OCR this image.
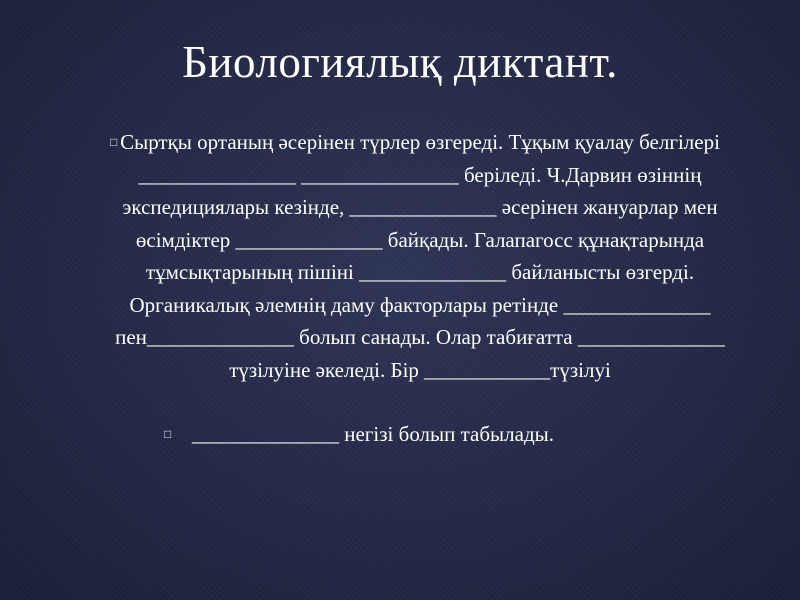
Биологиялық диктант.
□ Сыртқы ортаның әсерінен түрлер өзгереді. Тұқым қуалау белгілері _______________ _______________ беріледі. Ч.Дарвин өзіннің экспедициялары кезінде, ______________ әсерінен жануарлар мен өсімдіктер ______________ байқады. Галапагосс құнақтарында тұмсықтарының пішіні ______________ байланысты өзгерді. Органикалық әлемнің даму факторлары ретінде ______________ пен______________ болып санады. Олар табиғатта ______________ түзілуіне әкеледі. Бір ____________түзілуі
□ ______________ негізі болып табылады.
